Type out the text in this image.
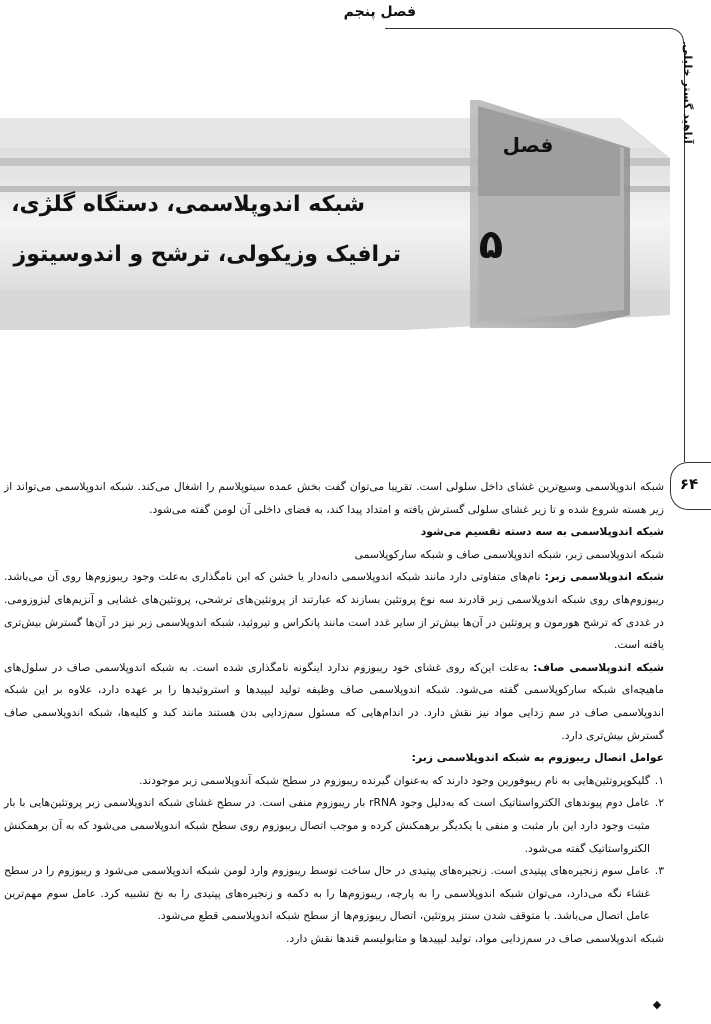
فصل پنجم
آناهید گستر خلیلی
فصل
۵
شبکه اندوپلاسمی، دستگاه گلژی،
ترافیک وزیکولی، ترشح و اندوسیتوز
۶۴

شبکه اندوپلاسمی وسیع‌ترین غشای داخل سلولی است. تقریبا می‌توان گفت بخش عمده سیتوپلاسم را اشغال می‌کند. شبکه اندوپلاسمی می‌تواند از زیر هسته شروع شده و تا زیر غشای سلولی گسترش یافته و امتداد پیدا کند، به فضای داخلی آن لومن گفته می‌شود.

شبکه اندوپلاسمی به سه دسته تقسیم می‌شود

شبکه اندوپلاسمی زبر، شبکه اندوپلاسمی صاف و شبکه سارکوپلاسمی

شبکه اندوپلاسمی زبر: نام‌های متفاوتی دارد مانند شبکه اندوپلاسمی دانه‌دار یا خشن که این نامگذاری به‌علت وجود ریبوزوم‌ها روی آن می‌باشد. ریبوزوم‌های روی شبکه اندوپلاسمی زبر قادرند سه نوع پروتئین بسازند که عبارتند از پروتئین‌های ترشحی، پروتئین‌های غشایی و آنزیم‌های لیزوزومی. در غددی که ترشح هورمون و پروتئین در آن‌ها بیش‌تر از سایر غدد است مانند پانکراس و تیروئید، شبکه اندوپلاسمی زبر نیز در آن‌ها گسترش بیش‌تری یافته است.

شبکه اندوپلاسمی صاف: به‌علت این‌که روی غشای خود ریبوزوم ندارد اینگونه نامگذاری شده است. به شبکه اندوپلاسمی صاف در سلول‌های ماهیچه‌ای شبکه سارکوپلاسمی گفته می‌شود. شبکه اندوپلاسمی صاف وظیفه تولید لیپیدها و استروئیدها را بر عهده دارد، علاوه بر این شبکه اندوپلاسمی صاف در سم زدایی مواد نیز نقش دارد. در اندام‌هایی که مسئول سم‌زدایی بدن هستند مانند کبد و کلیه‌ها، شبکه اندوپلاسمی صاف گسترش بیش‌تری دارد.

عوامل اتصال ریبوزوم به شبکه اندوپلاسمی زبر:

۱.
گلیکوپروتئین‌هایی به نام ریبوفورین وجود دارند که به‌عنوان گیرنده ریبوزوم در سطح شبکه آندوپلاسمی زبر موجودند.
۲.
عامل دوم پیوندهای الکترواستاتیک است که به‌دلیل وجود rRNA بار ریبوزوم منفی است. در سطح غشای شبکه اندوپلاسمی زبر پروتئین‌هایی با بار مثبت وجود دارد این بار مثبت و منفی با یکدیگر برهمکنش کرده و موجب اتصال ریبوزوم روی سطح شبکه اندوپلاسمی می‌شود که به آن برهمکنش الکترواستاتیک گفته می‌شود.
۳.
عامل سوم زنجیره‌های پپتیدی است. زنجیره‌های پپتیدی در حال ساخت توسط ریبوزوم وارد لومن شبکه اندوپلاسمی می‌شود و ریبوزوم را در سطح غشاء نگه می‌دارد، می‌توان شبکه اندوپلاسمی را به پارچه، ریبوزوم‌ها را به دکمه و زنجیره‌های پپتیدی را به نخ تشبیه کرد. عامل سوم مهم‌ترین عامل اتصال می‌باشد. با متوقف شدن سنتز پروتئین، اتصال ریبوزوم‌ها از سطح شبکه اندوپلاسمی قطع می‌شود.

شبکه اندوپلاسمی صاف در سم‌زدایی مواد، تولید لیپیدها و متابولیسم قندها نقش دارد.

◆
